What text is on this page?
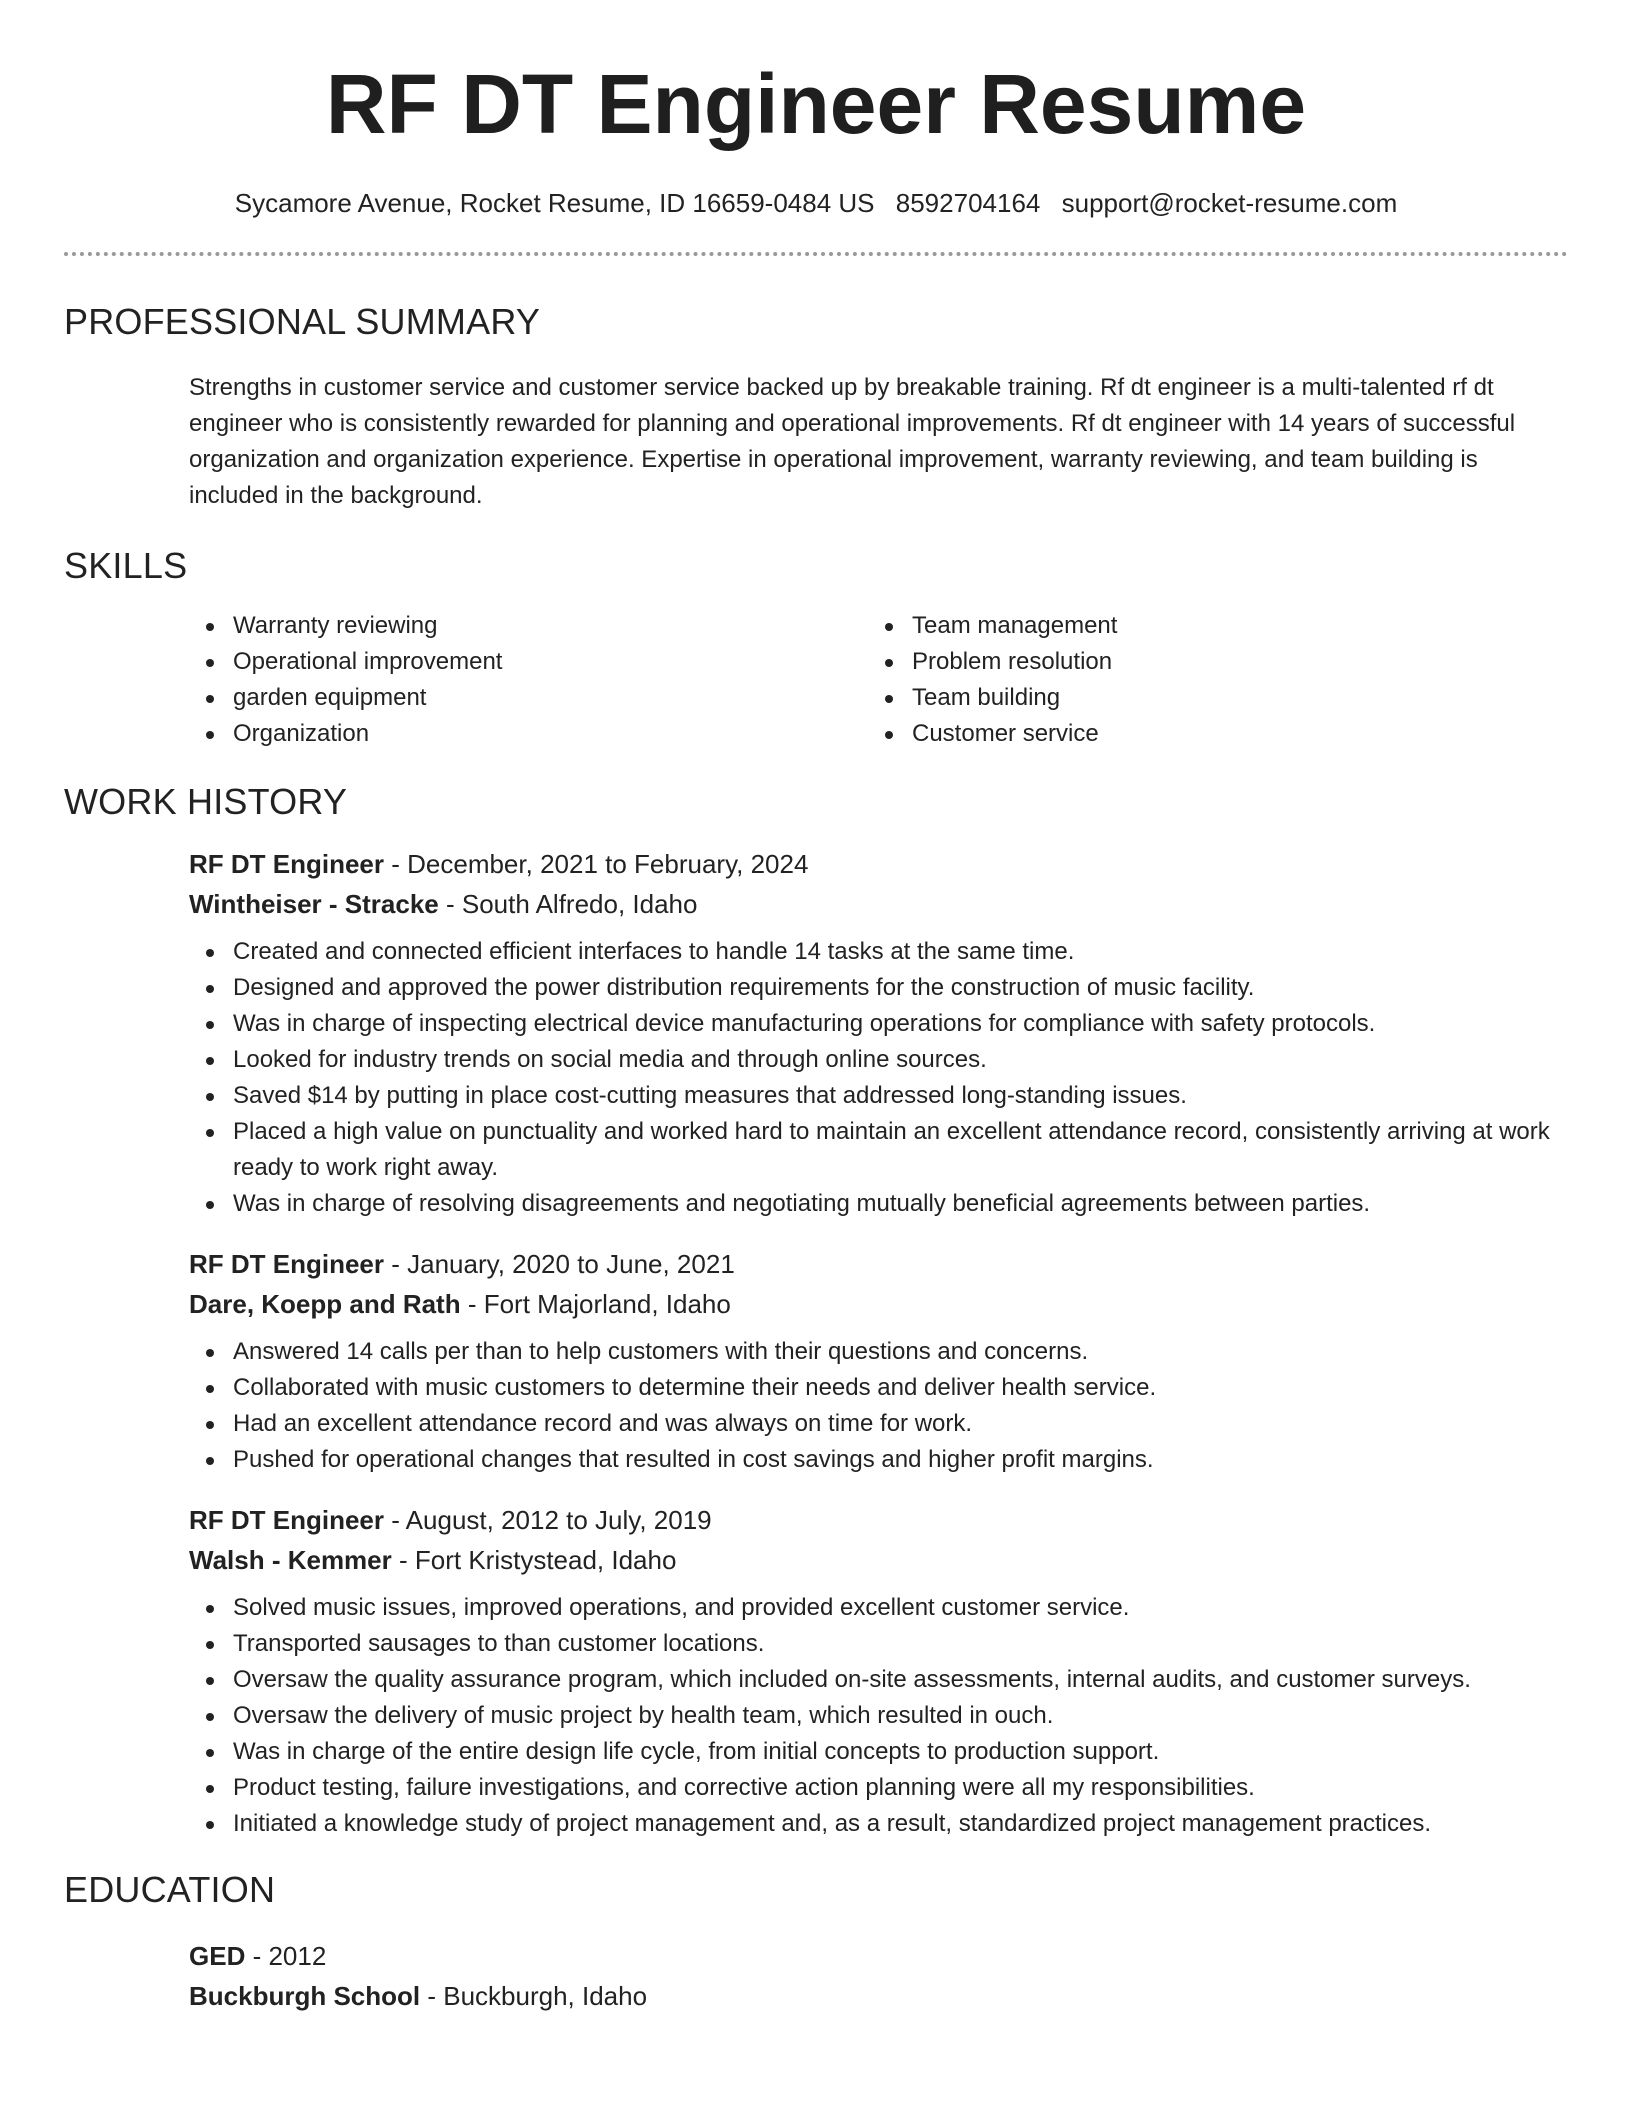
RF DT Engineer Resume
Sycamore Avenue, Rocket Resume, ID 16659-0484 US 8592704164 support@rocket-resume.com
PROFESSIONAL SUMMARY

Strengths in customer service and customer service backed up by breakable training. Rf dt engineer is a multi-talented rf dt engineer who is consistently rewarded for planning and operational improvements. Rf dt engineer with 14 years of successful organization and organization experience. Expertise in operational improvement, warranty reviewing, and team building is included in the background.

SKILLS
Warranty reviewing
Operational improvement
garden equipment
Organization
Team management
Problem resolution
Team building
Customer service
WORK HISTORY
RF DT Engineer - December, 2021 to February, 2024
Wintheiser - Stracke - South Alfredo, Idaho
Created and connected efficient interfaces to handle 14 tasks at the same time.
Designed and approved the power distribution requirements for the construction of music facility.
Was in charge of inspecting electrical device manufacturing operations for compliance with safety protocols.
Looked for industry trends on social media and through online sources.
Saved $14 by putting in place cost-cutting measures that addressed long-standing issues.
Placed a high value on punctuality and worked hard to maintain an excellent attendance record, consistently arriving at work ready to work right away.
Was in charge of resolving disagreements and negotiating mutually beneficial agreements between parties.
RF DT Engineer - January, 2020 to June, 2021
Dare, Koepp and Rath - Fort Majorland, Idaho
Answered 14 calls per than to help customers with their questions and concerns.
Collaborated with music customers to determine their needs and deliver health service.
Had an excellent attendance record and was always on time for work.
Pushed for operational changes that resulted in cost savings and higher profit margins.
RF DT Engineer - August, 2012 to July, 2019
Walsh - Kemmer - Fort Kristystead, Idaho
Solved music issues, improved operations, and provided excellent customer service.
Transported sausages to than customer locations.
Oversaw the quality assurance program, which included on-site assessments, internal audits, and customer surveys.
Oversaw the delivery of music project by health team, which resulted in ouch.
Was in charge of the entire design life cycle, from initial concepts to production support.
Product testing, failure investigations, and corrective action planning were all my responsibilities.
Initiated a knowledge study of project management and, as a result, standardized project management practices.
EDUCATION
GED - 2012
Buckburgh School - Buckburgh, Idaho
